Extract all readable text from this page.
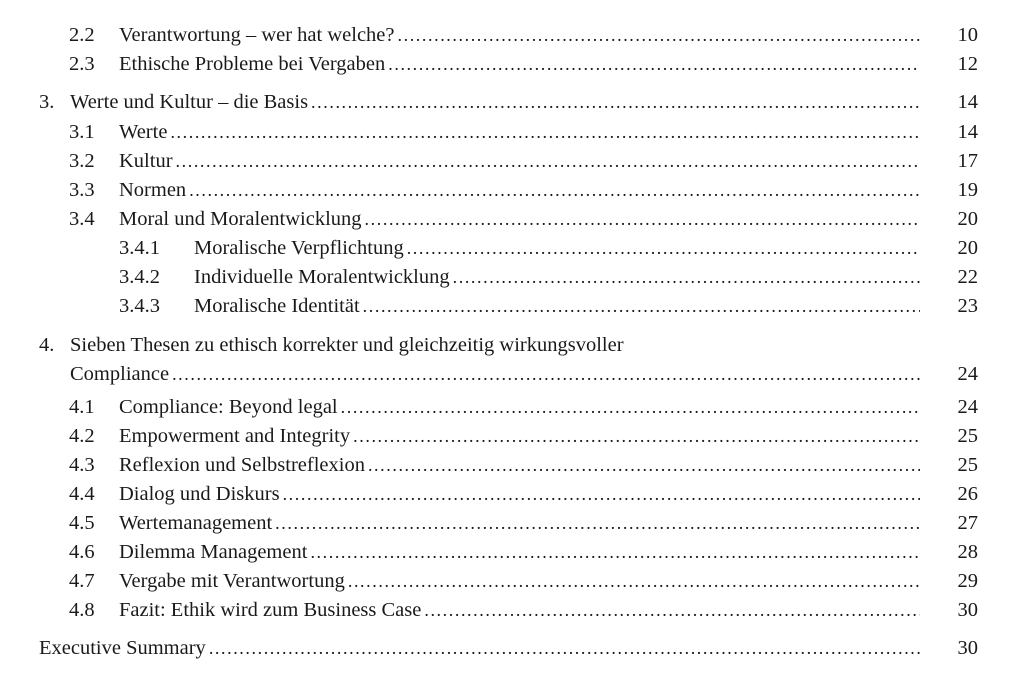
2.2 Verantwortung – wer hat welche? .....	10
2.3 Ethische Probleme bei Vergaben .....	12
3. Werte und Kultur – die Basis .....	14
3.1 Werte .....	14
3.2 Kultur .....	17
3.3 Normen .....	19
3.4 Moral und Moralentwicklung .....	20
3.4.1 Moralische Verpflichtung .....	20
3.4.2 Individuelle Moralentwicklung .....	22
3.4.3 Moralische Identität .....	23
4. Sieben Thesen zu ethisch korrekter und gleichzeitig wirkungsvoller
Compliance .....	24
4.1 Compliance: Beyond legal .....	24
4.2 Empowerment and Integrity .....	25
4.3 Reflexion und Selbstreflexion .....	25
4.4 Dialog und Diskurs .....	26
4.5 Wertemanagement .....	27
4.6 Dilemma Management .....	28
4.7 Vergabe mit Verantwortung .....	29
4.8 Fazit: Ethik wird zum Business Case .....	30
Executive Summary .....	30
